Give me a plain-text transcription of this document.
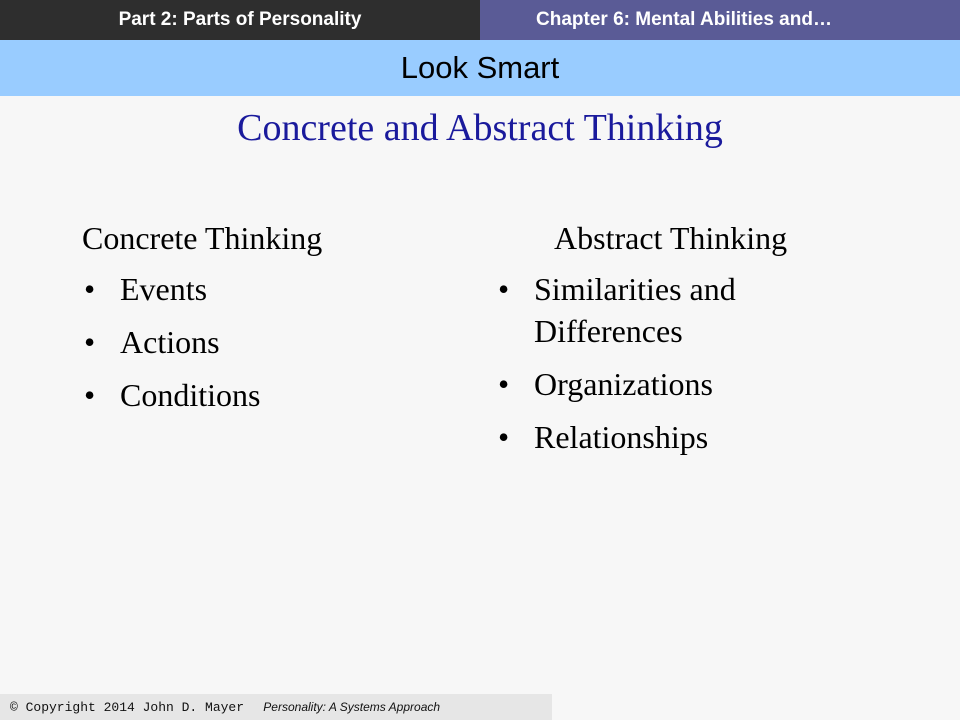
Part 2: Parts of Personality	Chapter 6: Mental Abilities and…
Look Smart
Concrete and Abstract Thinking
Concrete Thinking
• Events
• Actions
• Conditions
Abstract Thinking
• Similarities and Differences
• Organizations
• Relationships
© Copyright 2014 John D. Mayer Personality: A Systems Approach
